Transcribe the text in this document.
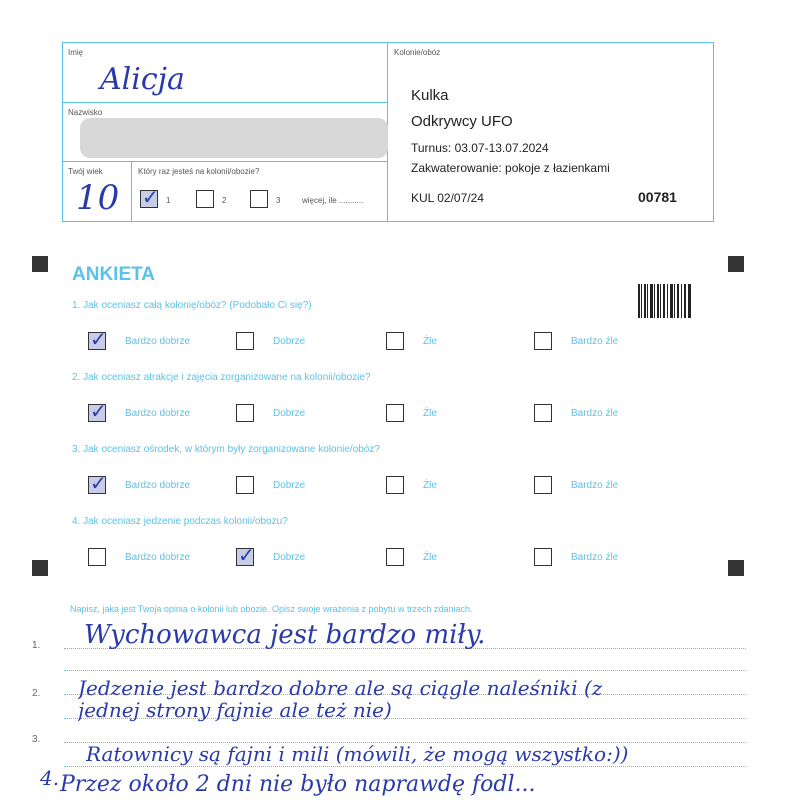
Imię
Alicja
Nazwisko
Twój wiek
10
Który raz jesteś na kolonii/obozie?
✓
1	2	3	więcej, ile ...........
Kolonie/obóz
Kulka
Odkrywcy UFO
Turnus: 03.07-13.07.2024
Zakwaterowanie: pokoje z łazienkami
KUL 02/07/24	00781
ANKIETA
1. Jak oceniasz całą kolonię/obóz? (Podobało Ci się?)
✓
Bardzo dobrze	Dobrze	Źle	Bardzo źle
2. Jak oceniasz atrakcje i zajęcia zorganizowane na kolonii/obozie?
✓
Bardzo dobrze	Dobrze	Źle	Bardzo źle
3. Jak oceniasz ośrodek, w którym były zorganizowane kolonie/obóz?
✓
Bardzo dobrze	Dobrze	Źle	Bardzo źle
4. Jak oceniasz jedzenie podczas kolonii/obozu?
Bardzo dobrze
✓	Dobrze	Źle	Bardzo źle
Napisz, jaka jest Twoja opinia o kolonii lub obozie. Opisz swoje wrażenia z pobytu w trzech zdaniach.
1.
2.
3.
4.
Wychowawca jest bardzo miły.
Jedzenie jest bardzo dobre ale są ciągle naleśniki (z
jednej strony fajnie ale też nie)
Ratownicy są fajni i mili (mówili, że mogą wszystko:))
Przez około 2 dni nie było naprawdę fodl...
